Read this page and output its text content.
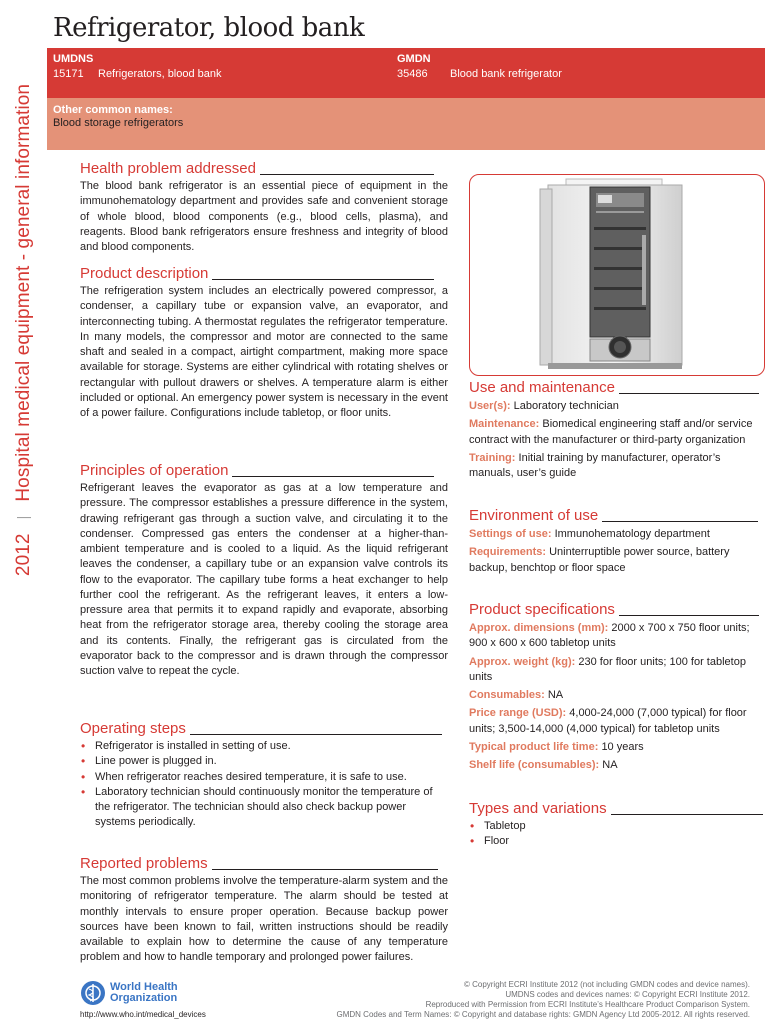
2012  Hospital medical equipment - general information
Refrigerator, blood bank
UMDNS
15171 Refrigerators, blood bank
GMDN
35486 Blood bank refrigerator
Other common names:
Blood storage refrigerators
Health problem addressed
The blood bank refrigerator is an essential piece of equipment in the immunohematology department and provides safe and convenient storage of whole blood, blood components (e.g., blood cells, plasma), and reagents. Blood bank refrigerators ensure freshness and integrity of blood and blood components.
Product description
The refrigeration system includes an electrically powered compressor, a condenser, a capillary tube or expansion valve, an evaporator, and interconnecting tubing. A thermostat regulates the refrigerator temperature. In many models, the compressor and motor are connected to the same shaft and sealed in a compact, airtight compartment, making more space available for storage. Systems are either cylindrical with rotating shelves or rectangular with pullout drawers or shelves. A temperature alarm is either included or optional. An emergency power system is necessary in the event of a power failure. Configurations include tabletop, or floor units.
Principles of operation
Refrigerant leaves the evaporator as gas at a low temperature and pressure. The compressor establishes a pressure difference in the system, drawing refrigerant gas through a suction valve, and circulating it to the condenser. Compressed gas enters the condenser at a higher-than-ambient temperature and is cooled to a liquid. As the liquid refrigerant leaves the condenser, a capillary tube or an expansion valve controls its flow to the evaporator. The capillary tube forms a heat exchanger to help further cool the refrigerant. As the refrigerant leaves, it enters a low-pressure area that permits it to expand rapidly and evaporate, absorbing heat from the refrigerator storage area, thereby cooling the storage area and its contents. Finally, the refrigerant gas is circulated from the evaporator back to the compressor and is drawn through the compressor suction valve to repeat the cycle.
Operating steps
• Refrigerator is installed in setting of use.
• Line power is plugged in.
• When refrigerator reaches desired temperature, it is safe to use.
• Laboratory technician should continuously monitor the temperature of the refrigerator. The technician should also check backup power systems periodically.
Reported problems
The most common problems involve the temperature-alarm system and the monitoring of refrigerator temperature. The alarm should be tested at monthly intervals to ensure proper operation. Because backup power sources have been known to fail, written instructions should be readily available to explain how to determine the cause of any temperature problem and how to handle temporary and prolonged power failures.
Use and maintenance
User(s): Laboratory technician
Maintenance: Biomedical engineering staff and/or service contract with the manufacturer or third-party organization
Training: Initial training by manufacturer, operator’s manuals, user’s guide
Environment of use
Settings of use: Immunohematology department
Requirements: Uninterruptible power source, battery backup, benchtop or floor space
Product specifications
Approx. dimensions (mm): 2000 x 700 x 750 floor units; 900 x 600 x 600 tabletop units
Approx. weight (kg): 230 for floor units; 100 for tabletop units
Consumables: NA
Price range (USD): 4,000-24,000 (7,000 typical) for floor units; 3,500-14,000 (4,000 typical) for tabletop units
Typical product life time: 10 years
Shelf life (consumables): NA
Types and variations
• Tabletop
• Floor
World Health
Organization
http://www.who.int/medical_devices
© Copyright ECRI Institute 2012 (not including GMDN codes and device names).
UMDNS codes and devices names: © Copyright ECRI Institute 2012.
Reproduced with Permission from ECRI Institute’s Healthcare Product Comparison System.
GMDN Codes and Term Names: © Copyright and database rights: GMDN Agency Ltd 2005-2012. All rights reserved.
